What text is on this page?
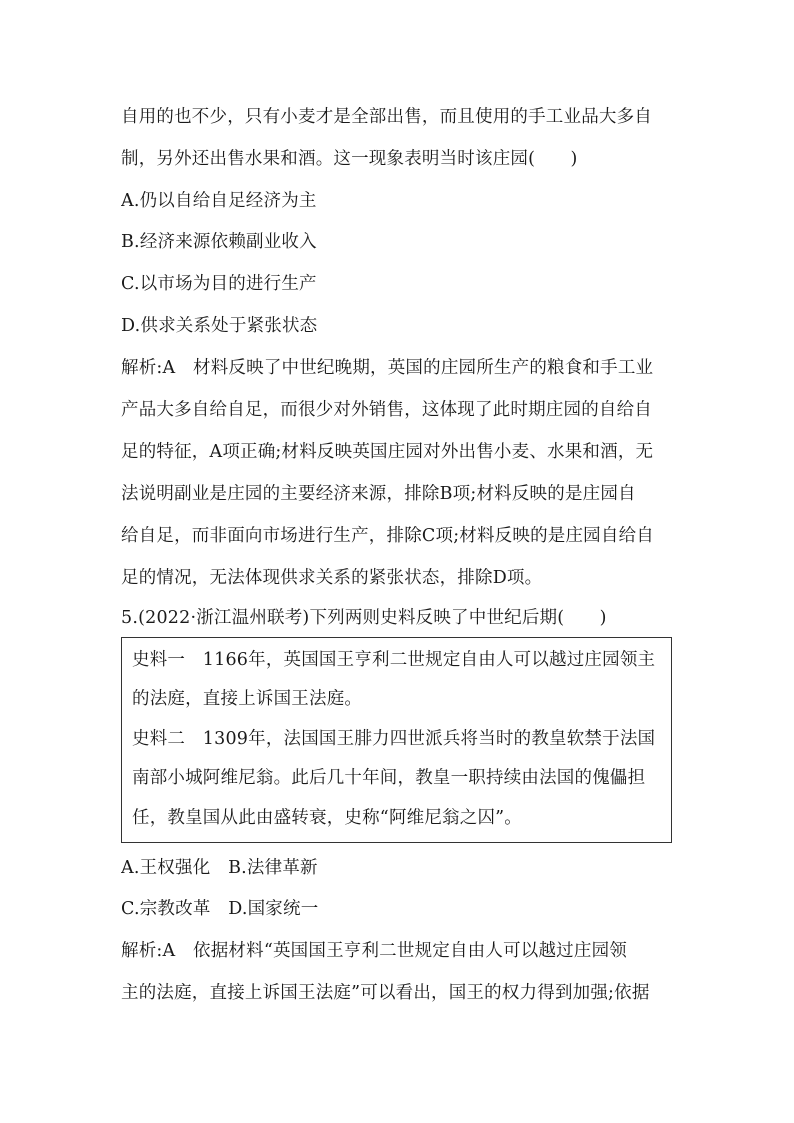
自用的也不少，只有小麦才是全部出售，而且使用的手工业品大多自
制，另外还出售水果和酒。这一现象表明当时该庄园(　　)
A.仍以自给自足经济为主
B.经济来源依赖副业收入
C.以市场为目的进行生产
D.供求关系处于紧张状态
解析:A　材料反映了中世纪晚期，英国的庄园所生产的粮食和手工业
产品大多自给自足，而很少对外销售，这体现了此时期庄园的自给自
足的特征，A项正确;材料反映英国庄园对外出售小麦、水果和酒，无
法说明副业是庄园的主要经济来源，排除B项;材料反映的是庄园自
给自足，而非面向市场进行生产，排除C项;材料反映的是庄园自给自
足的情况，无法体现供求关系的紧张状态，排除D项。
5.(2022·浙江温州联考)下列两则史料反映了中世纪后期(　　)
史料一　1166年，英国国王亨利二世规定自由人可以越过庄园领主
的法庭，直接上诉国王法庭。
史料二　1309年，法国国王腓力四世派兵将当时的教皇软禁于法国
南部小城阿维尼翁。此后几十年间，教皇一职持续由法国的傀儡担
任，教皇国从此由盛转衰，史称“阿维尼翁之囚”。
A.王权强化　B.法律革新
C.宗教改革　D.国家统一
解析:A　依据材料“英国国王亨利二世规定自由人可以越过庄园领
主的法庭，直接上诉国王法庭”可以看出，国王的权力得到加强;依据
